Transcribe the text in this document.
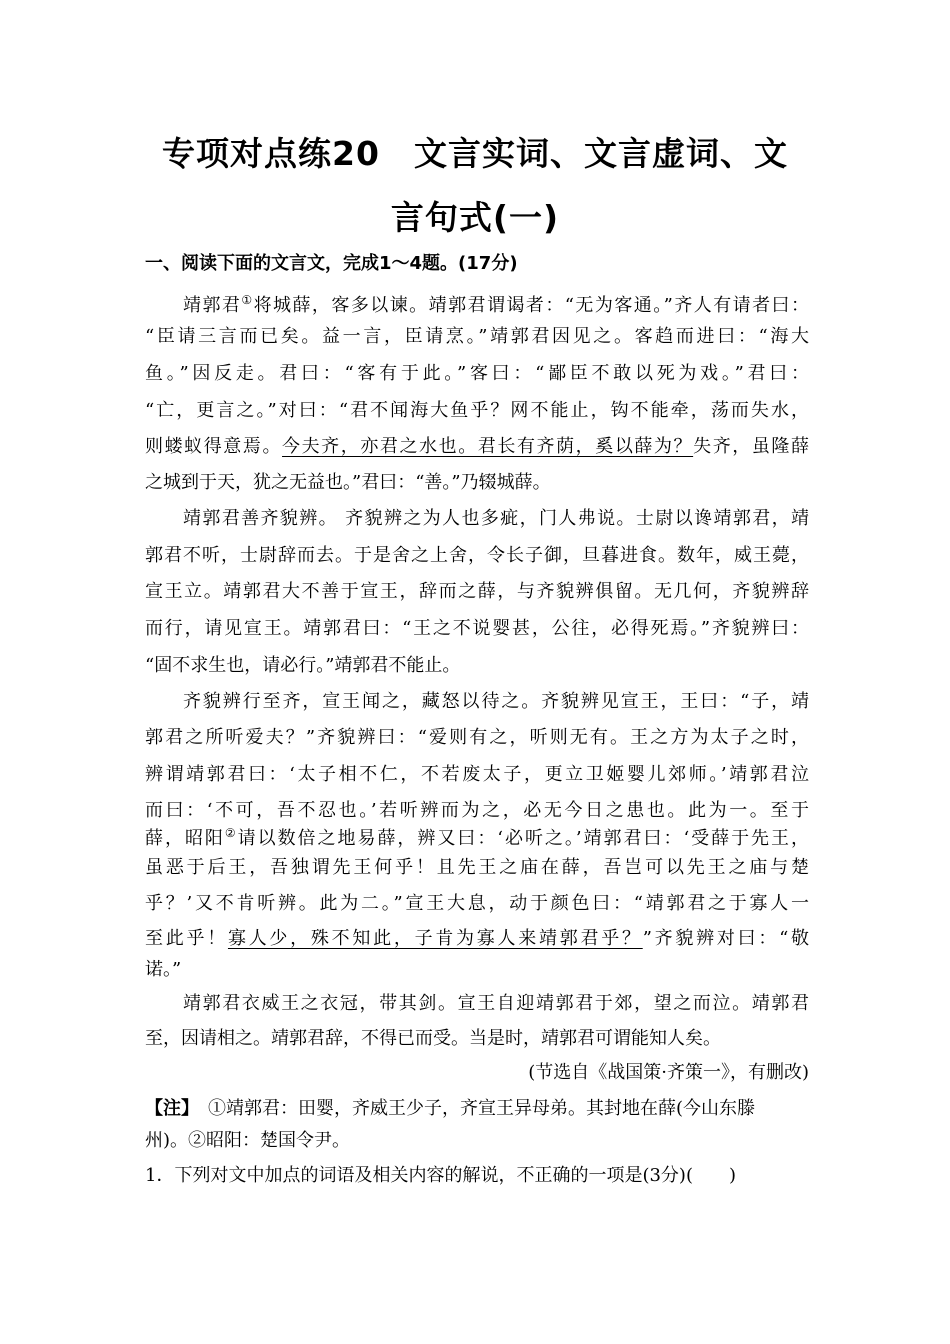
专项对点练20　文言实词、文言虚词、文
言句式(一)
一、阅读下面的文言文，完成1～4题。(17分)
靖郭君①将城薛，客多以谏。靖郭君谓谒者：“无为客通。”齐人有请者曰：
“臣请三言而已矣。益一言，臣请烹。”靖郭君因见之。客趋而进曰：“海大
鱼。”因反走。君曰：“客有于此。”客曰：“鄙臣不敢以死为戏。”君曰：
“亡，更言之。”对曰：“君不闻海大鱼乎？网不能止，钩不能牵，荡而失水，
则蝼蚁得意焉。今夫齐，亦君之水也。君长有齐荫，奚以薛为？失齐，虽隆薛
之城到于天，犹之无益也。”君曰：“善。”乃辍城薛。
靖郭君善齐貌辨。 齐貌辨之为人也多疵，门人弗说。士尉以谗靖郭君，靖
郭君不听，士尉辞而去。于是舍之上舍，令长子御，旦暮进食。数年，威王薨，
宣王立。靖郭君大不善于宣王，辞而之薛，与齐貌辨俱留。无几何，齐貌辨辞
而行，请见宣王。靖郭君曰：“王之不说婴甚，公往，必得死焉。”齐貌辨曰：
“固不求生也，请必行。”靖郭君不能止。
齐貌辨行至齐，宣王闻之，藏怒以待之。齐貌辨见宣王，王曰：“子，靖
郭君之所听爱夫？”齐貌辨曰：“爱则有之，听则无有。王之方为太子之时，
辨谓靖郭君曰：‘太子相不仁，不若废太子，更立卫姬婴儿郊师。’靖郭君泣
而曰：‘不可，吾不忍也。’若听辨而为之，必无今日之患也。此为一。至于
薛，昭阳②请以数倍之地易薛，辨又曰：‘必听之。’靖郭君曰：‘受薛于先王，
虽恶于后王，吾独谓先王何乎！且先王之庙在薛，吾岂可以先王之庙与楚
乎？’又不肯听辨。此为二。”宣王大息，动于颜色曰：“靖郭君之于寡人一
至此乎！寡人少，殊不知此，子肯为寡人来靖郭君乎？”齐貌辨对曰：“敬
诺。”
靖郭君衣威王之衣冠，带其剑。宣王自迎靖郭君于郊，望之而泣。靖郭君
至，因请相之。靖郭君辞，不得已而受。当是时，靖郭君可谓能知人矣。
(节选自《战国策·齐策一》，有删改)
【注】　①靖郭君：田婴，齐威王少子，齐宣王异母弟。其封地在薛(今山东滕
州)。②昭阳：楚国令尹。
1．下列对文中加点的词语及相关内容的解说，不正确的一项是(3分)(　　)
